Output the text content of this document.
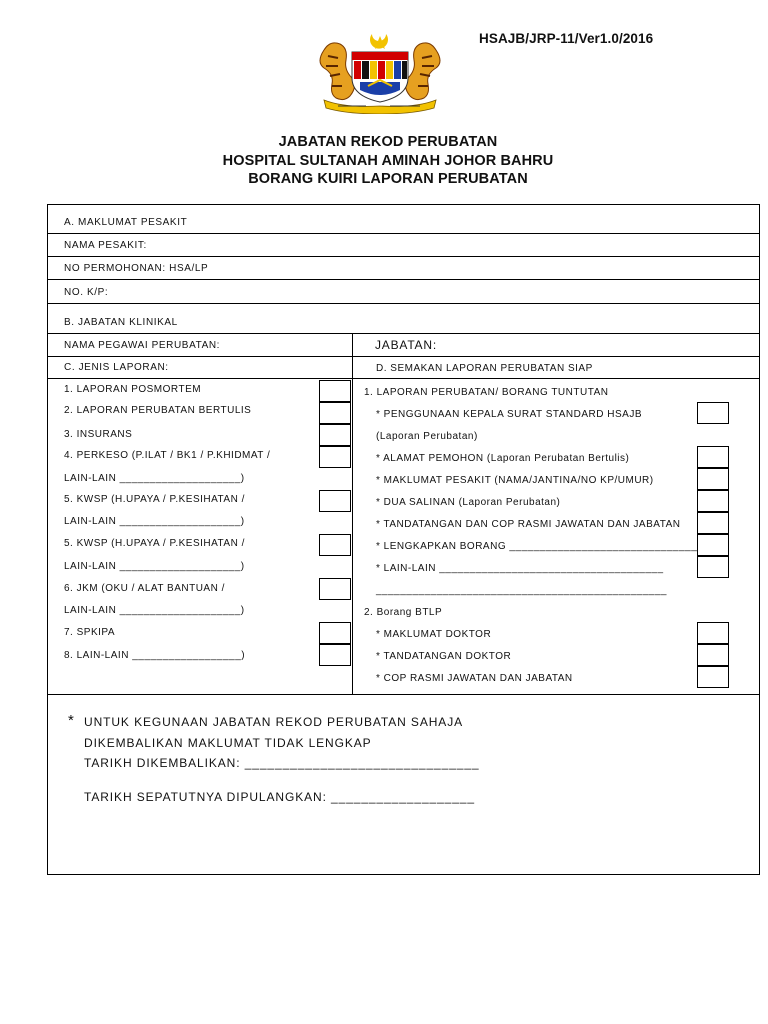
HSAJB/JRP-11/Ver1.0/2016
JABATAN REKOD PERUBATAN
HOSPITAL SULTANAH AMINAH JOHOR BAHRU
BORANG KUIRI LAPORAN PERUBATAN
A. MAKLUMAT PESAKIT
NAMA PESAKIT:
NO PERMOHONAN: HSA/LP
NO. K/P:
B. JABATAN KLINIKAL
NAMA PEGAWAI PERUBATAN:
C. JENIS LAPORAN:
JABATAN:
D. SEMAKAN LAPORAN PERUBATAN SIAP
1. LAPORAN POSMORTEM
2. LAPORAN PERUBATAN BERTULIS
3. INSURANS
4. PERKESO (P.ILAT / BK1 / P.KHIDMAT /
LAIN-LAIN ____________________)
5. KWSP (H.UPAYA / P.KESIHATAN /
LAIN-LAIN ____________________)
5. KWSP (H.UPAYA / P.KESIHATAN /
LAIN-LAIN ____________________)
6. JKM (OKU / ALAT BANTUAN /
LAIN-LAIN ____________________)
7. SPKIPA
8. LAIN-LAIN __________________)
1. LAPORAN PERUBATAN/ BORANG TUNTUTAN
* PENGGUNAAN KEPALA SURAT STANDARD HSAJB
(Laporan Perubatan)
* ALAMAT PEMOHON (Laporan Perubatan Bertulis)
* MAKLUMAT PESAKIT (NAMA/JANTINA/NO KP/UMUR)
* DUA SALINAN (Laporan Perubatan)
* TANDATANGAN DAN COP RASMI JAWATAN DAN JABATAN
* LENGKAPKAN BORANG _______________________________
* LAIN-LAIN _____________________________________
________________________________________________
2. Borang BTLP
* MAKLUMAT DOKTOR
* TANDATANGAN DOKTOR
* COP RASMI JAWATAN DAN JABATAN
* UNTUK KEGUNAAN JABATAN REKOD PERUBATAN SAHAJA
DIKEMBALIKAN MAKLUMAT TIDAK LENGKAP
TARIKH DIKEMBALIKAN: _______________________________
TARIKH SEPATUTNYA DIPULANGKAN: ___________________
